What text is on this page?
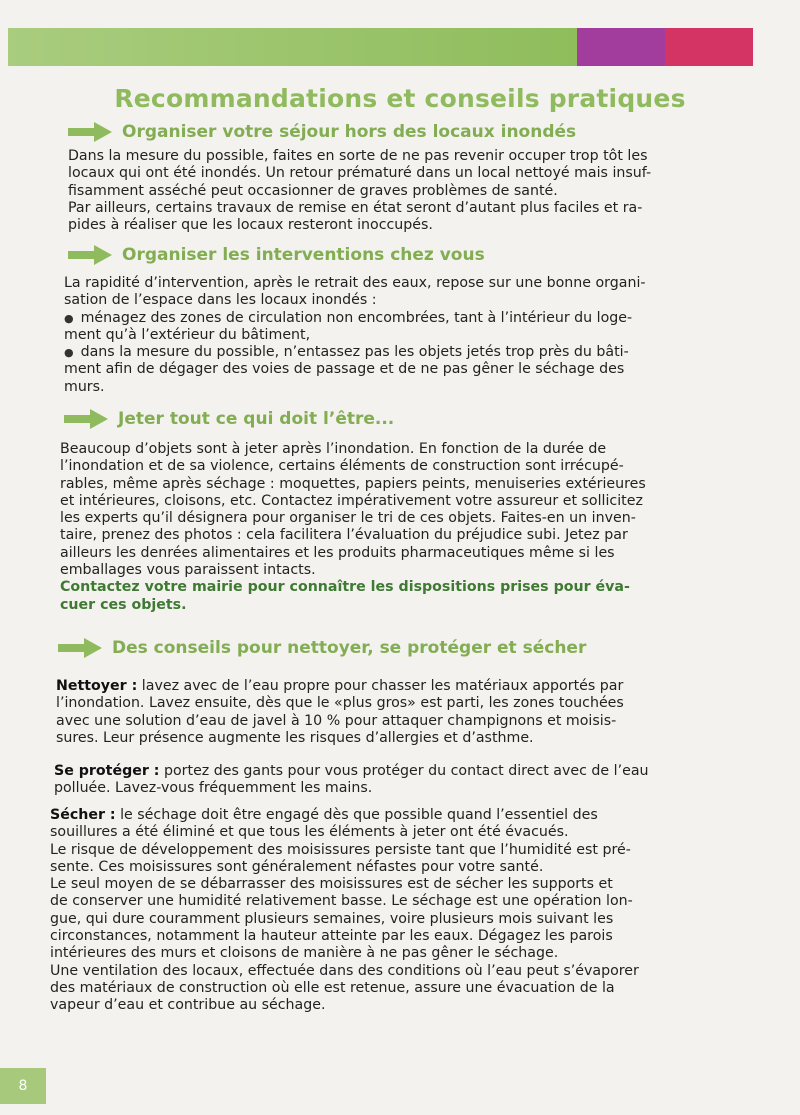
Recommandations et conseils pratiques
Organiser votre séjour hors des locaux inondés

Dans la mesure du possible, faites en sorte de ne pas revenir occuper trop tôt les
locaux qui ont été inondés. Un retour prématuré dans un local nettoyé mais insuf-
fisamment asséché peut occasionner de graves problèmes de santé.
Par ailleurs, certains travaux de remise en état seront d’autant plus faciles et ra-
pides à réaliser que les locaux resteront inoccupés.

Organiser les interventions chez vous

La rapidité d’intervention, après le retrait des eaux, repose sur une bonne organi-
sation de l’espace dans les locaux inondés :
● ménagez des zones de circulation non encombrées, tant à l’intérieur du loge-
ment qu’à l’extérieur du bâtiment,
● dans la mesure du possible, n’entassez pas les objets jetés trop près du bâti-
ment afin de dégager des voies de passage et de ne pas gêner le séchage des
murs.

Jeter tout ce qui doit l’être...

Beaucoup d’objets sont à jeter après l’inondation. En fonction de la durée de
l’inondation et de sa violence, certains éléments de construction sont irrécupé-
rables, même après séchage : moquettes, papiers peints, menuiseries extérieures
et intérieures, cloisons, etc. Contactez impérativement votre assureur et sollicitez
les experts qu’il désignera pour organiser le tri de ces objets. Faites-en un inven-
taire, prenez des photos : cela facilitera l’évaluation du préjudice subi. Jetez par
ailleurs les denrées alimentaires et les produits pharmaceutiques même si les
emballages vous paraissent intacts.
Contactez votre mairie pour connaître les dispositions prises pour éva-
cuer ces objets.

Des conseils pour nettoyer, se protéger et sécher

Nettoyer : lavez avec de l’eau propre pour chasser les matériaux apportés par
l’inondation. Lavez ensuite, dès que le «plus gros» est parti, les zones touchées
avec une solution d’eau de javel à 10 % pour attaquer champignons et moisis-
sures. Leur présence augmente les risques d’allergies et d’asthme.

Se protéger : portez des gants pour vous protéger du contact direct avec de l’eau
polluée. Lavez-vous fréquemment les mains.

Sécher : le séchage doit être engagé dès que possible quand l’essentiel des
souillures a été éliminé et que tous les éléments à jeter ont été évacués.
Le risque de développement des moisissures persiste tant que l’humidité est pré-
sente. Ces moisissures sont généralement néfastes pour votre santé.
Le seul moyen de se débarrasser des moisissures est de sécher les supports et
de conserver une humidité relativement basse. Le séchage est une opération lon-
gue, qui dure couramment plusieurs semaines, voire plusieurs mois suivant les
circonstances, notamment la hauteur atteinte par les eaux. Dégagez les parois
intérieures des murs et cloisons de manière à ne pas gêner le séchage.
Une ventilation des locaux, effectuée dans des conditions où l’eau peut s’évaporer
des matériaux de construction où elle est retenue, assure une évacuation de la
vapeur d’eau et contribue au séchage.

8
